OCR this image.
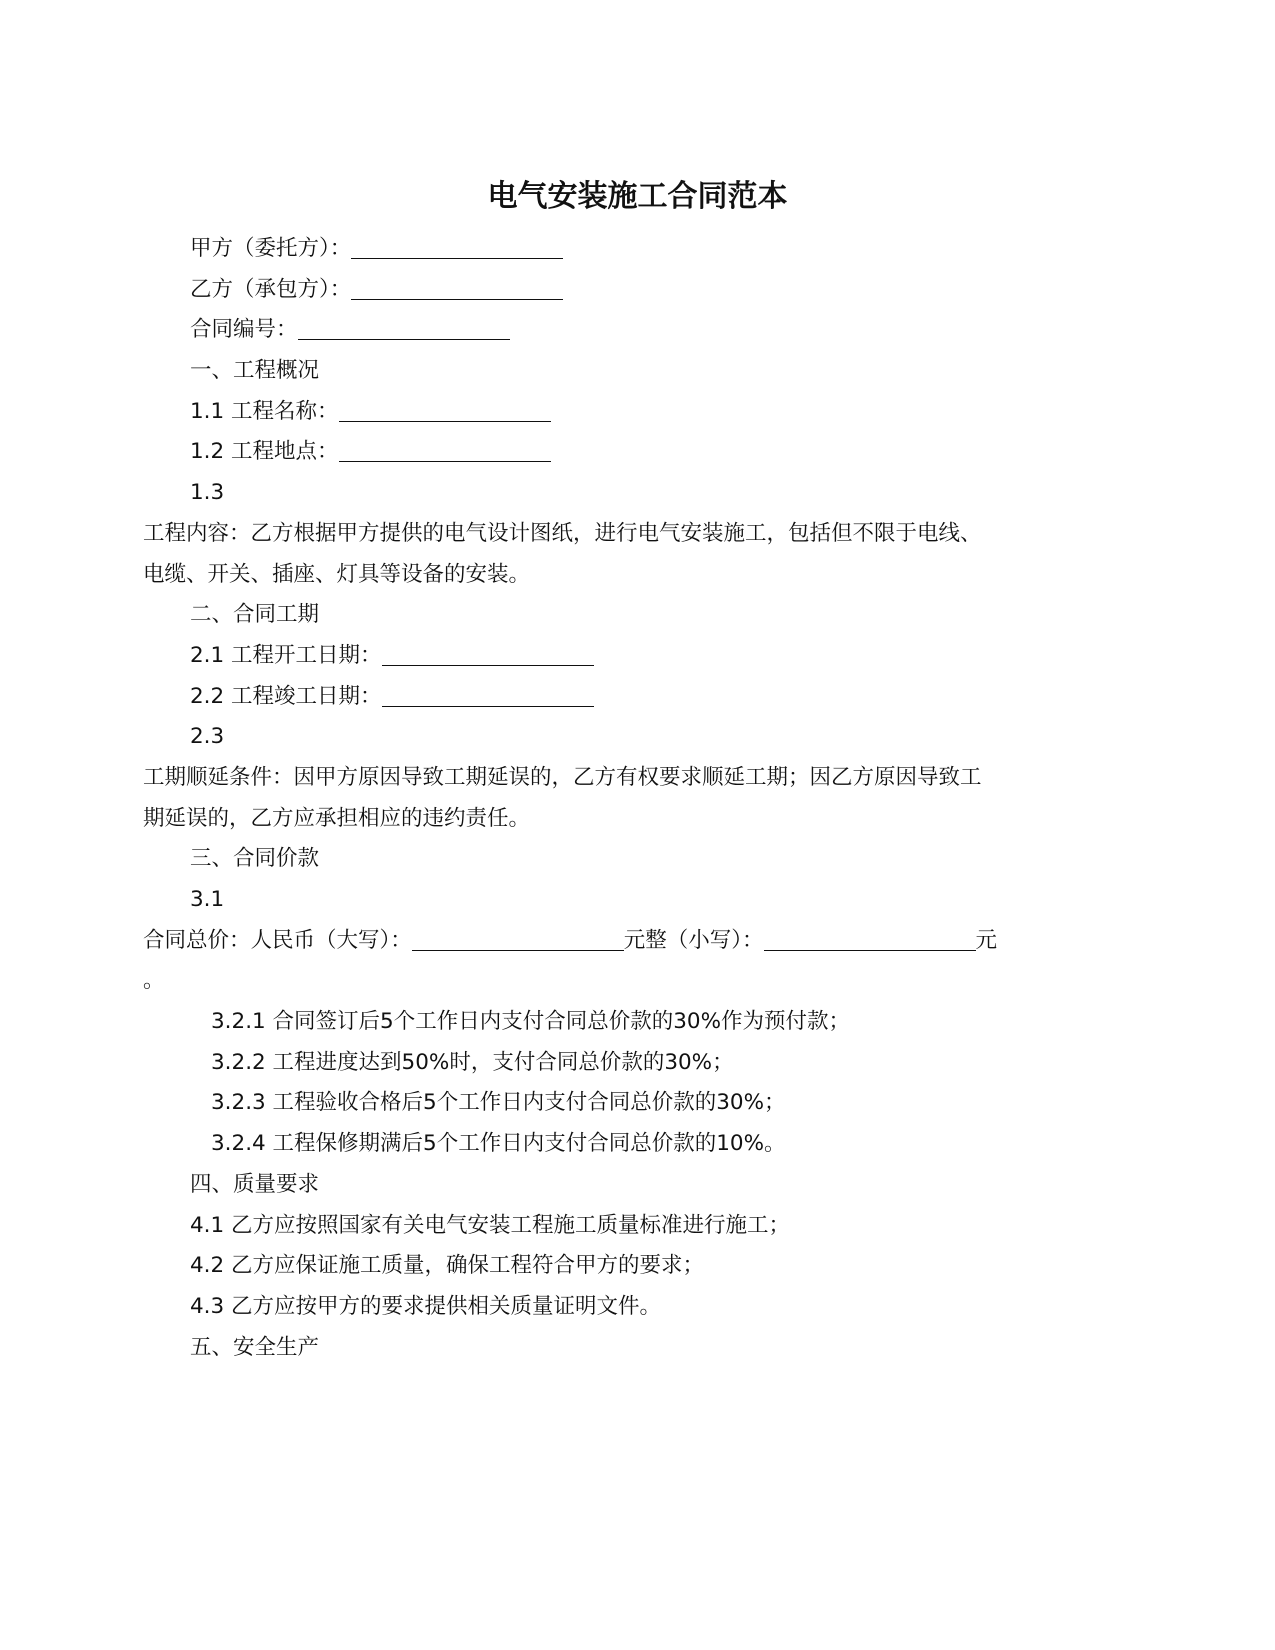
电气安装施工合同范本
甲方（委托方）：
乙方（承包方）：
合同编号：
一、工程概况
1.1 工程名称：
1.2 工程地点：
1.3
工程内容：乙方根据甲方提供的电气设计图纸，进行电气安装施工，包括但不限于电线、
电缆、开关、插座、灯具等设备的安装。
二、合同工期
2.1 工程开工日期：
2.2 工程竣工日期：
2.3
工期顺延条件：因甲方原因导致工期延误的，乙方有权要求顺延工期；因乙方原因导致工
期延误的，乙方应承担相应的违约责任。
三、合同价款
3.1
合同总价：人民币（大写）：	元整（小写）：	元
。
3.2.1 合同签订后5个工作日内支付合同总价款的30%作为预付款；
3.2.2 工程进度达到50%时，支付合同总价款的30%；
3.2.3 工程验收合格后5个工作日内支付合同总价款的30%；
3.2.4 工程保修期满后5个工作日内支付合同总价款的10%。
四、质量要求
4.1 乙方应按照国家有关电气安装工程施工质量标准进行施工；
4.2 乙方应保证施工质量，确保工程符合甲方的要求；
4.3 乙方应按甲方的要求提供相关质量证明文件。
五、安全生产
